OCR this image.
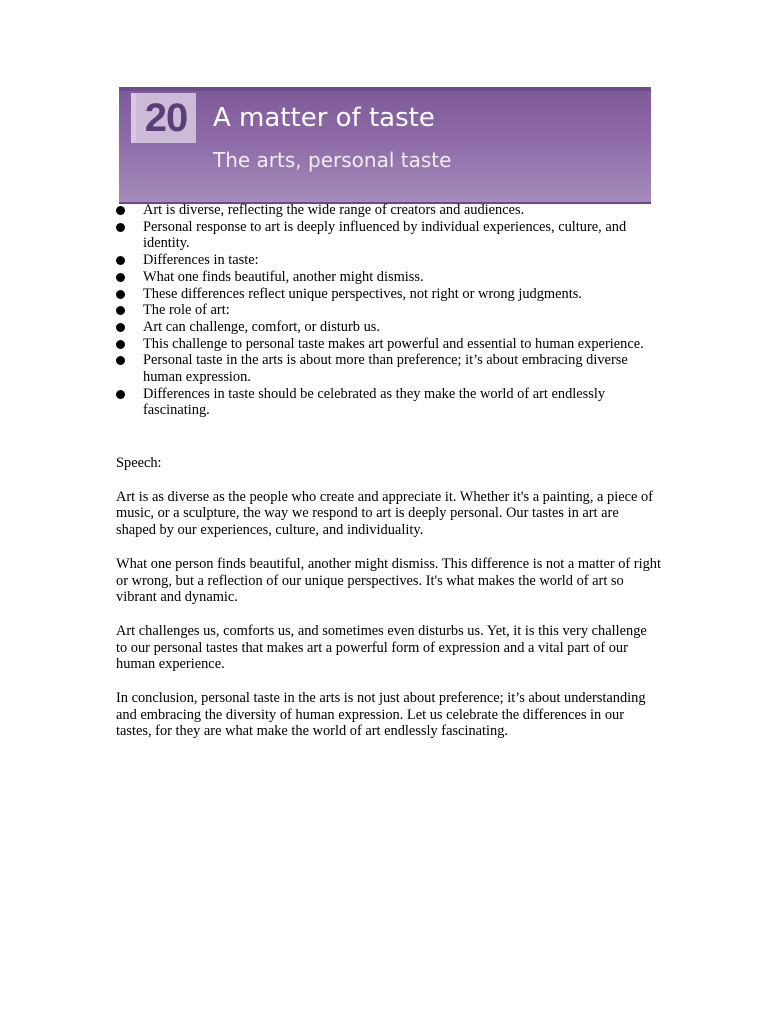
20 A matter of taste
The arts, personal taste
Art is diverse, reflecting the wide range of creators and audiences.
Personal response to art is deeply influenced by individual experiences, culture, and identity.
Differences in taste:
What one finds beautiful, another might dismiss.
These differences reflect unique perspectives, not right or wrong judgments.
The role of art:
Art can challenge, comfort, or disturb us.
This challenge to personal taste makes art powerful and essential to human experience.
Personal taste in the arts is about more than preference; it’s about embracing diverse human expression.
Differences in taste should be celebrated as they make the world of art endlessly fascinating.

Speech:

Art is as diverse as the people who create and appreciate it. Whether it's a painting, a piece of music, or a sculpture, the way we respond to art is deeply personal. Our tastes in art are shaped by our experiences, culture, and individuality.

What one person finds beautiful, another might dismiss. This difference is not a matter of right or wrong, but a reflection of our unique perspectives. It's what makes the world of art so vibrant and dynamic.

Art challenges us, comforts us, and sometimes even disturbs us. Yet, it is this very challenge to our personal tastes that makes art a powerful form of expression and a vital part of our human experience.

In conclusion, personal taste in the arts is not just about preference; it’s about understanding and embracing the diversity of human expression. Let us celebrate the differences in our tastes, for they are what make the world of art endlessly fascinating.
